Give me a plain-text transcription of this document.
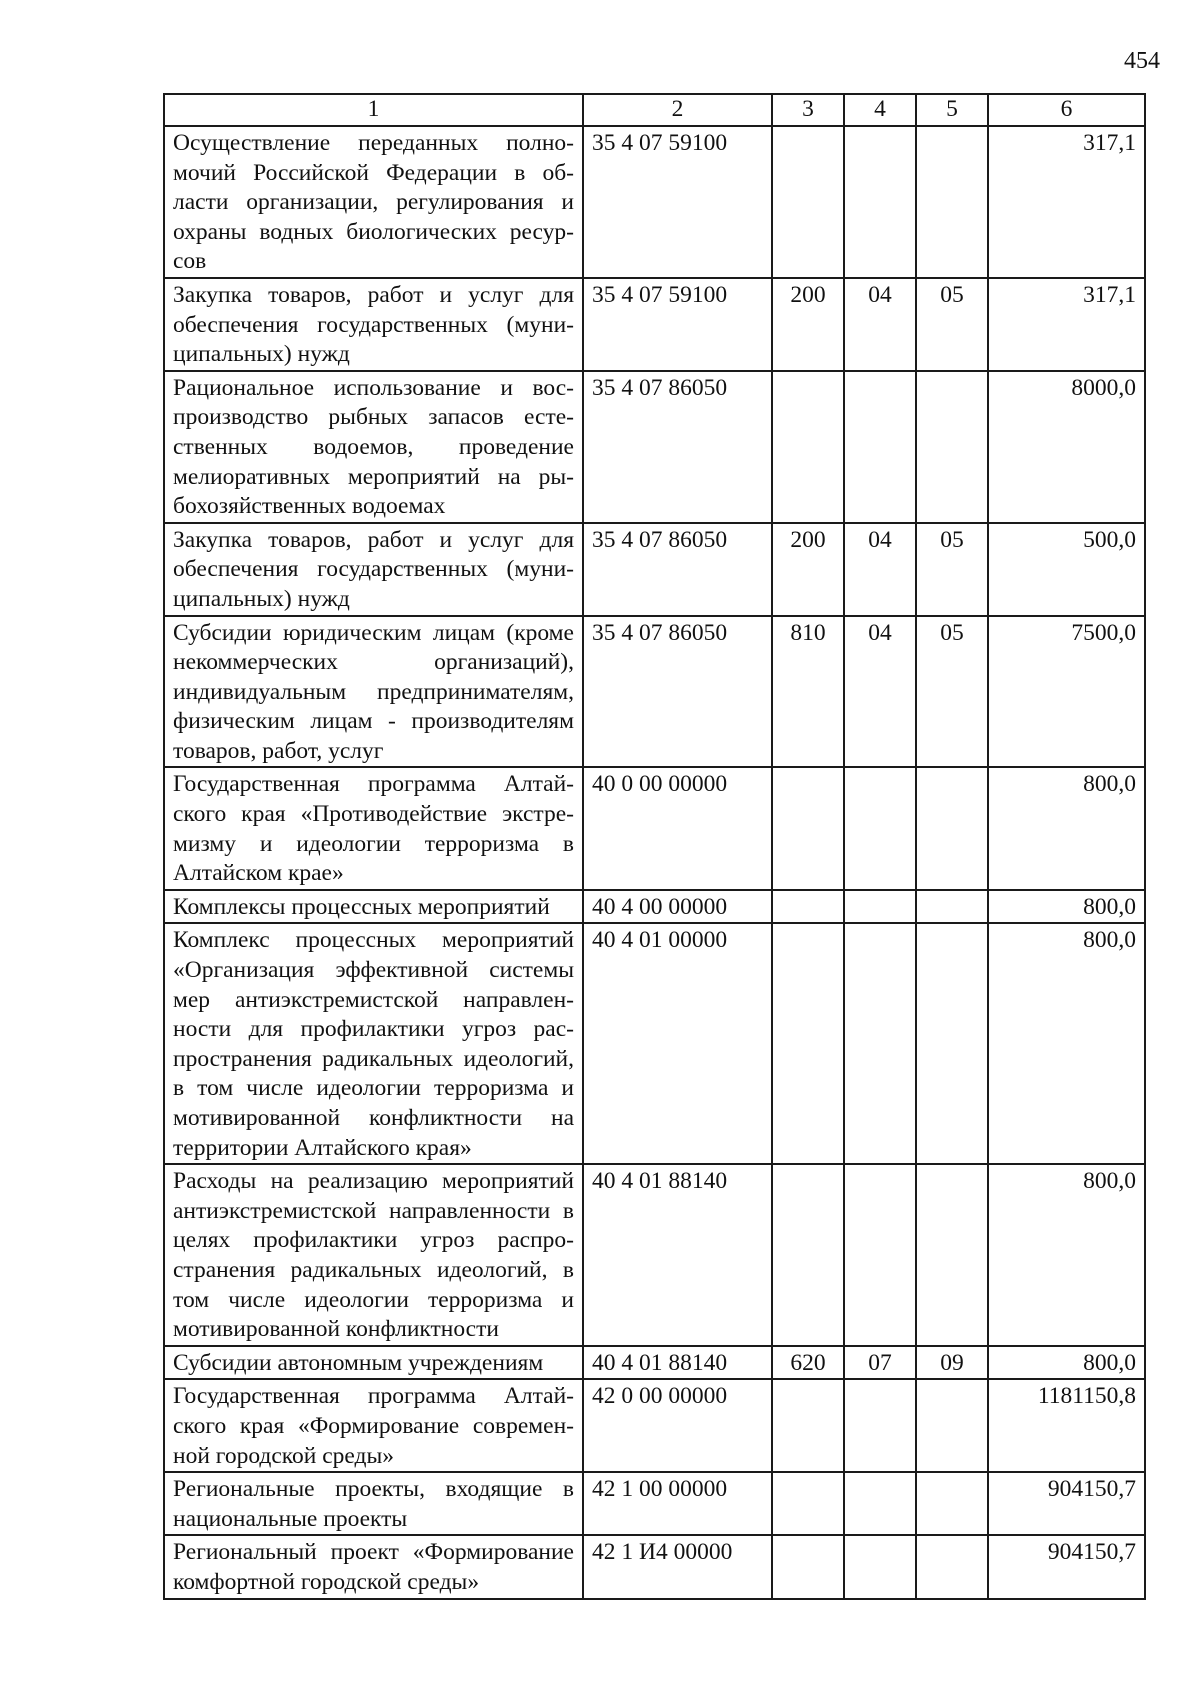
454
1	2	3	4	5	6
Осуществление переданных полномочий Российской Федерации в области организации, регулирования и охраны водных биологических ресурсов	35 4 07 59100				317,1
Закупка товаров, работ и услуг для обеспечения государственных (муниципальных) нужд	35 4 07 59100	200	04	05	317,1
Рациональное использование и воспроизводство рыбных запасов естественных водоемов, проведение мелиоративных мероприятий на рыбохозяйственных водоемах	35 4 07 86050				8000,0
Закупка товаров, работ и услуг для обеспечения государственных (муниципальных) нужд	35 4 07 86050	200	04	05	500,0
Субсидии юридическим лицам (кроме некоммерческих организаций), индивидуальным предпринимателям, физическим лицам - производителям товаров, работ, услуг	35 4 07 86050	810	04	05	7500,0
Государственная программа Алтайского края «Противодействие экстремизму и идеологии терроризма в Алтайском крае»	40 0 00 00000				800,0
Комплексы процессных мероприятий	40 4 00 00000				800,0
Комплекс процессных мероприятий «Организация эффективной системы мер антиэкстремистской направленности для профилактики угроз распространения радикальных идеологий, в том числе идеологии терроризма и мотивированной конфликтности на территории Алтайского края»	40 4 01 00000				800,0
Расходы на реализацию мероприятий антиэкстремистской направленности в целях профилактики угроз распространения радикальных идеологий, в том числе идеологии терроризма и мотивированной конфликтности	40 4 01 88140				800,0
Субсидии автономным учреждениям	40 4 01 88140	620	07	09	800,0
Государственная программа Алтайского края «Формирование современной городской среды»	42 0 00 00000				1181150,8
Региональные проекты, входящие в национальные проекты	42 1 00 00000				904150,7
Региональный проект «Формирование комфортной городской среды»	42 1 И4 00000				904150,7
